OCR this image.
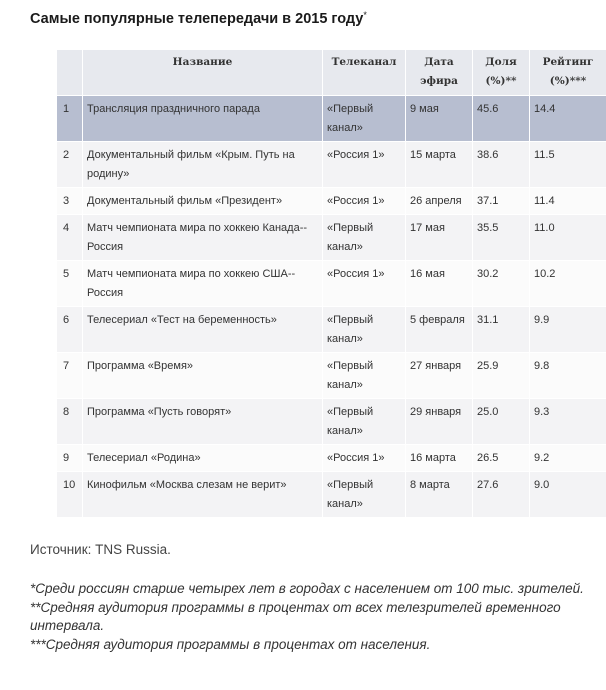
Самые популярные телепередачи в 2015 году*
	Название	Телеканал	Дата эфира	Доля (%)**	Рейтинг (%)***
1	Трансляция праздничного парада	«Первый канал»	9 мая	45.6	14.4
2	Документальный фильм «Крым. Путь на родину»	«Россия 1»	15 марта	38.6	11.5
3	Документальный фильм «Президент»	«Россия 1»	26 апреля	37.1	11.4
4	Матч чемпионата мира по хоккею Канада--Россия	«Первый канал»	17 мая	35.5	11.0
5	Матч чемпионата мира по хоккею США--Россия	«Россия 1»	16 мая	30.2	10.2
6	Телесериал «Тест на беременность»	«Первый канал»	5 февраля	31.1	9.9
7	Программа «Время»	«Первый канал»	27 января	25.9	9.8
8	Программа «Пусть говорят»	«Первый канал»	29 января	25.0	9.3
9	Телесериал «Родина»	«Россия 1»	16 марта	26.5	9.2
10	Кинофильм «Москва слезам не верит»	«Первый канал»	8 марта	27.6	9.0
Источник: TNS Russia.
*Среди россиян старше четырех лет в городах с населением от 100 тыс. зрителей.
**Средняя аудитория программы в процентах от всех телезрителей временного интервала.
***Средняя аудитория программы в процентах от населения.
